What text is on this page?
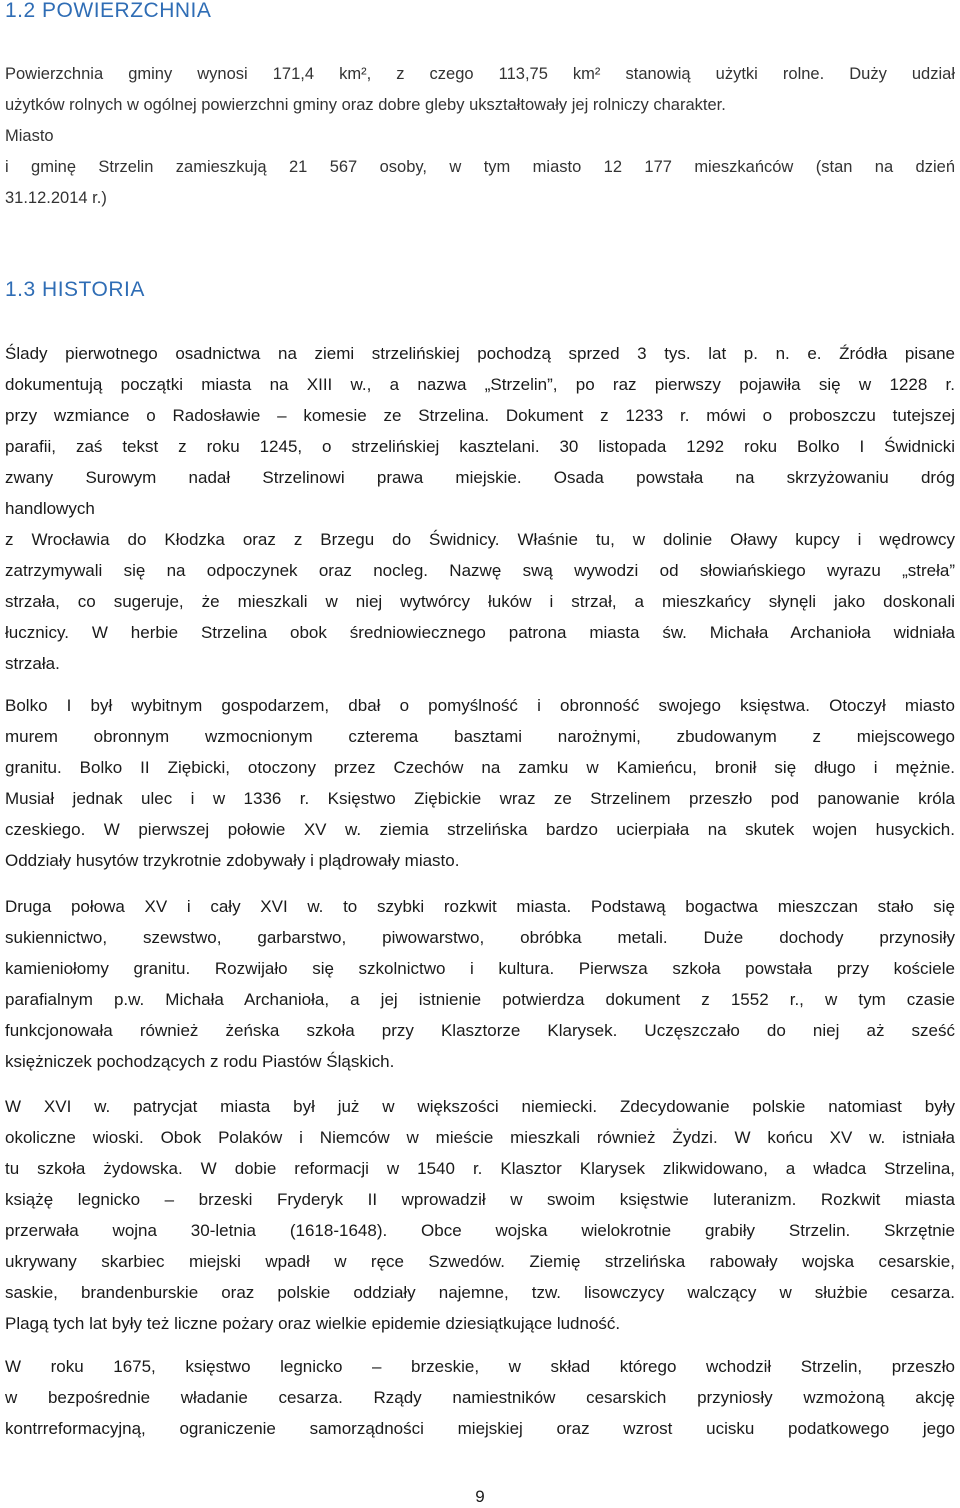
1.2 POWIERZCHNIA
Powierzchnia gminy wynosi 171,4 km², z czego 113,75 km² stanowią użytki rolne. Duży udział
użytków rolnych w ogólnej powierzchni gminy oraz dobre gleby ukształtowały jej rolniczy charakter.
Miasto
i gminę Strzelin zamieszkują 21 567 osoby, w tym miasto 12 177 mieszkańców (stan na dzień
31.12.2014 r.)
1.3 HISTORIA
Ślady pierwotnego osadnictwa na ziemi strzelińskiej pochodzą sprzed 3 tys. lat p. n. e. Źródła pisane
dokumentują początki miasta na XIII w., a nazwa „Strzelin”, po raz pierwszy pojawiła się w 1228 r.
przy wzmiance o Radosławie – komesie ze Strzelina. Dokument z 1233 r. mówi o proboszczu tutejszej
parafii, zaś tekst z roku 1245, o strzelińskiej kasztelani. 30 listopada 1292 roku Bolko I Świdnicki
zwany Surowym nadał Strzelinowi prawa miejskie. Osada powstała na skrzyżowaniu dróg
handlowych
z Wrocławia do Kłodzka oraz z Brzegu do Świdnicy. Właśnie tu, w dolinie Oławy kupcy i wędrowcy
zatrzymywali się na odpoczynek oraz nocleg. Nazwę swą wywodzi od słowiańskiego wyrazu „streła”
strzała, co sugeruje, że mieszkali w niej wytwórcy łuków i strzał, a mieszkańcy słynęli jako doskonali
łucznicy. W herbie Strzelina obok średniowiecznego patrona miasta św. Michała Archanioła widniała
strzała.
Bolko I był wybitnym gospodarzem, dbał o pomyślność i obronność swojego księstwa. Otoczył miasto
murem obronnym wzmocnionym czterema basztami narożnymi, zbudowanym z miejscowego
granitu. Bolko II Ziębicki, otoczony przez Czechów na zamku w Kamieńcu, bronił się długo i mężnie.
Musiał jednak ulec i w 1336 r. Księstwo Ziębickie wraz ze Strzelinem przeszło pod panowanie króla
czeskiego. W pierwszej połowie XV w. ziemia strzelińska bardzo ucierpiała na skutek wojen husyckich.
Oddziały husytów trzykrotnie zdobywały i plądrowały miasto.
Druga połowa XV i cały XVI w. to szybki rozkwit miasta. Podstawą bogactwa mieszczan stało się
sukiennictwo, szewstwo, garbarstwo, piwowarstwo, obróbka metali. Duże dochody przynosiły
kamieniołomy granitu. Rozwijało się szkolnictwo i kultura. Pierwsza szkoła powstała przy kościele
parafialnym p.w. Michała Archanioła, a jej istnienie potwierdza dokument z 1552 r., w tym czasie
funkcjonowała również żeńska szkoła przy Klasztorze Klarysek. Uczęszczało do niej aż sześć
księżniczek pochodzących z rodu Piastów Śląskich.
W XVI w. patrycjat miasta był już w większości niemiecki. Zdecydowanie polskie natomiast były
okoliczne wioski. Obok Polaków i Niemców w mieście mieszkali również Żydzi. W końcu XV w. istniała
tu szkoła żydowska. W dobie reformacji w 1540 r. Klasztor Klarysek zlikwidowano, a władca Strzelina,
książę legnicko – brzeski Fryderyk II wprowadził w swoim księstwie luteranizm. Rozkwit miasta
przerwała wojna 30-letnia (1618-1648). Obce wojska wielokrotnie grabiły Strzelin. Skrzętnie
ukrywany skarbiec miejski wpadł w ręce Szwedów. Ziemię strzelińska rabowały wojska cesarskie,
saskie, brandenburskie oraz polskie oddziały najemne, tzw. lisowczycy walczący w służbie cesarza.
Plagą tych lat były też liczne pożary oraz wielkie epidemie dziesiątkujące ludność.
W roku 1675, księstwo legnicko – brzeskie, w skład którego wchodził Strzelin, przeszło
w bezpośrednie władanie cesarza. Rządy namiestników cesarskich przyniosły wzmożoną akcję
kontrreformacyjną, ograniczenie samorządności miejskiej oraz wzrost ucisku podatkowego jego
9
